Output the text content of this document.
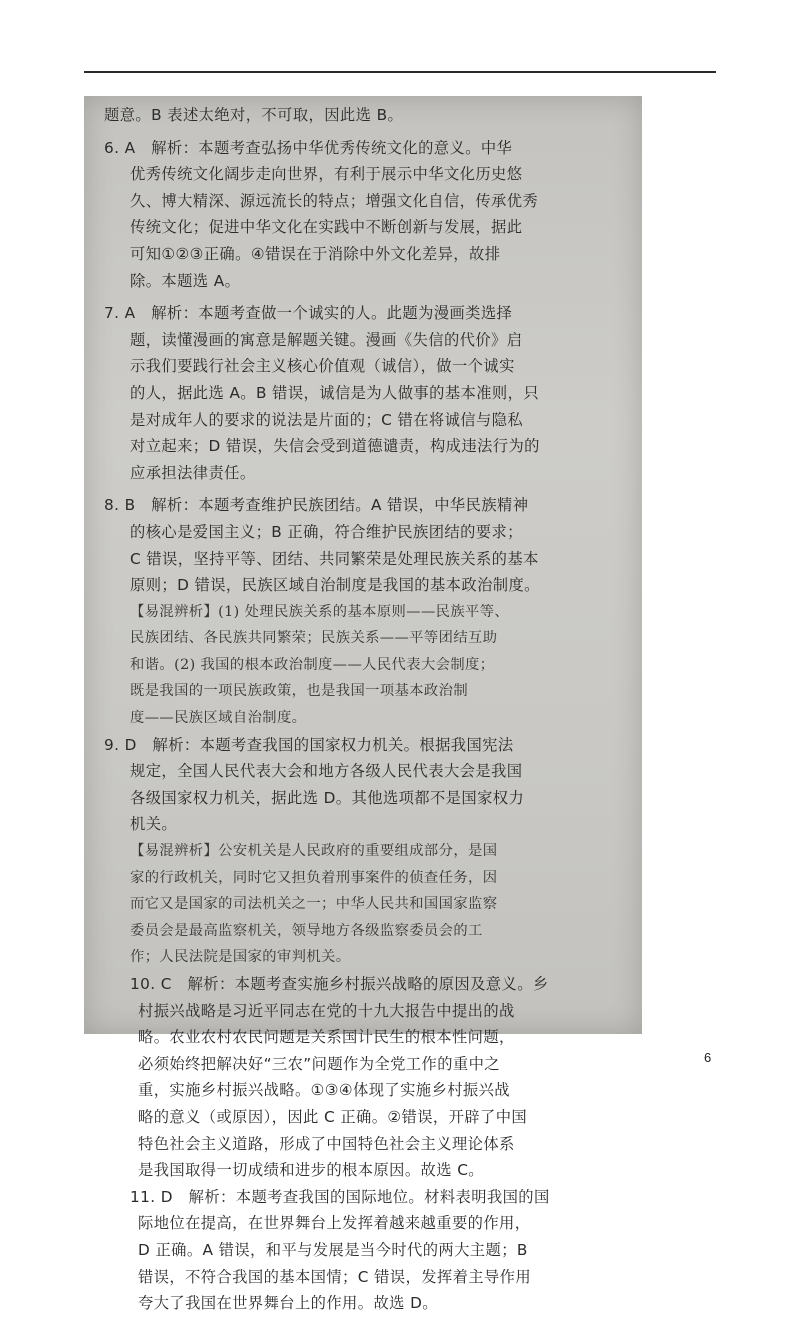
题意。B 表述太绝对，不可取，因此选 B。
6. A　解析：本题考查弘扬中华优秀传统文化的意义。中华
优秀传统文化阔步走向世界，有利于展示中华文化历史悠
久、博大精深、源远流长的特点；增强文化自信，传承优秀
传统文化；促进中华文化在实践中不断创新与发展，据此
可知①②③正确。④错误在于消除中外文化差异，故排
除。本题选 A。
7. A　解析：本题考查做一个诚实的人。此题为漫画类选择
题，读懂漫画的寓意是解题关键。漫画《失信的代价》启
示我们要践行社会主义核心价值观（诚信），做一个诚实
的人，据此选 A。B 错误，诚信是为人做事的基本准则，只
是对成年人的要求的说法是片面的；C 错在将诚信与隐私
对立起来；D 错误，失信会受到道德谴责，构成违法行为的
应承担法律责任。
8. B　解析：本题考查维护民族团结。A 错误，中华民族精神
的核心是爱国主义；B 正确，符合维护民族团结的要求；
C 错误，坚持平等、团结、共同繁荣是处理民族关系的基本
原则；D 错误，民族区域自治制度是我国的基本政治制度。
【易混辨析】(1) 处理民族关系的基本原则——民族平等、
民族团结、各民族共同繁荣；民族关系——平等团结互助
和谐。(2) 我国的根本政治制度——人民代表大会制度；
既是我国的一项民族政策，也是我国一项基本政治制
度——民族区域自治制度。
9. D　解析：本题考查我国的国家权力机关。根据我国宪法
规定，全国人民代表大会和地方各级人民代表大会是我国
各级国家权力机关，据此选 D。其他选项都不是国家权力
机关。
【易混辨析】公安机关是人民政府的重要组成部分，是国
家的行政机关，同时它又担负着刑事案件的侦查任务，因
而它又是国家的司法机关之一；中华人民共和国国家监察
委员会是最高监察机关，领导地方各级监察委员会的工
作；人民法院是国家的审判机关。
10. C　解析：本题考查实施乡村振兴战略的原因及意义。乡
村振兴战略是习近平同志在党的十九大报告中提出的战
略。农业农村农民问题是关系国计民生的根本性问题，
必须始终把解决好“三农”问题作为全党工作的重中之
重，实施乡村振兴战略。①③④体现了实施乡村振兴战
略的意义（或原因），因此 C 正确。②错误，开辟了中国
特色社会主义道路，形成了中国特色社会主义理论体系
是我国取得一切成绩和进步的根本原因。故选 C。
11. D　解析：本题考查我国的国际地位。材料表明我国的国
际地位在提高，在世界舞台上发挥着越来越重要的作用，
D 正确。A 错误，和平与发展是当今时代的两大主题；B
错误，不符合我国的基本国情；C 错误，发挥着主导作用
夸大了我国在世界舞台上的作用。故选 D。
6
